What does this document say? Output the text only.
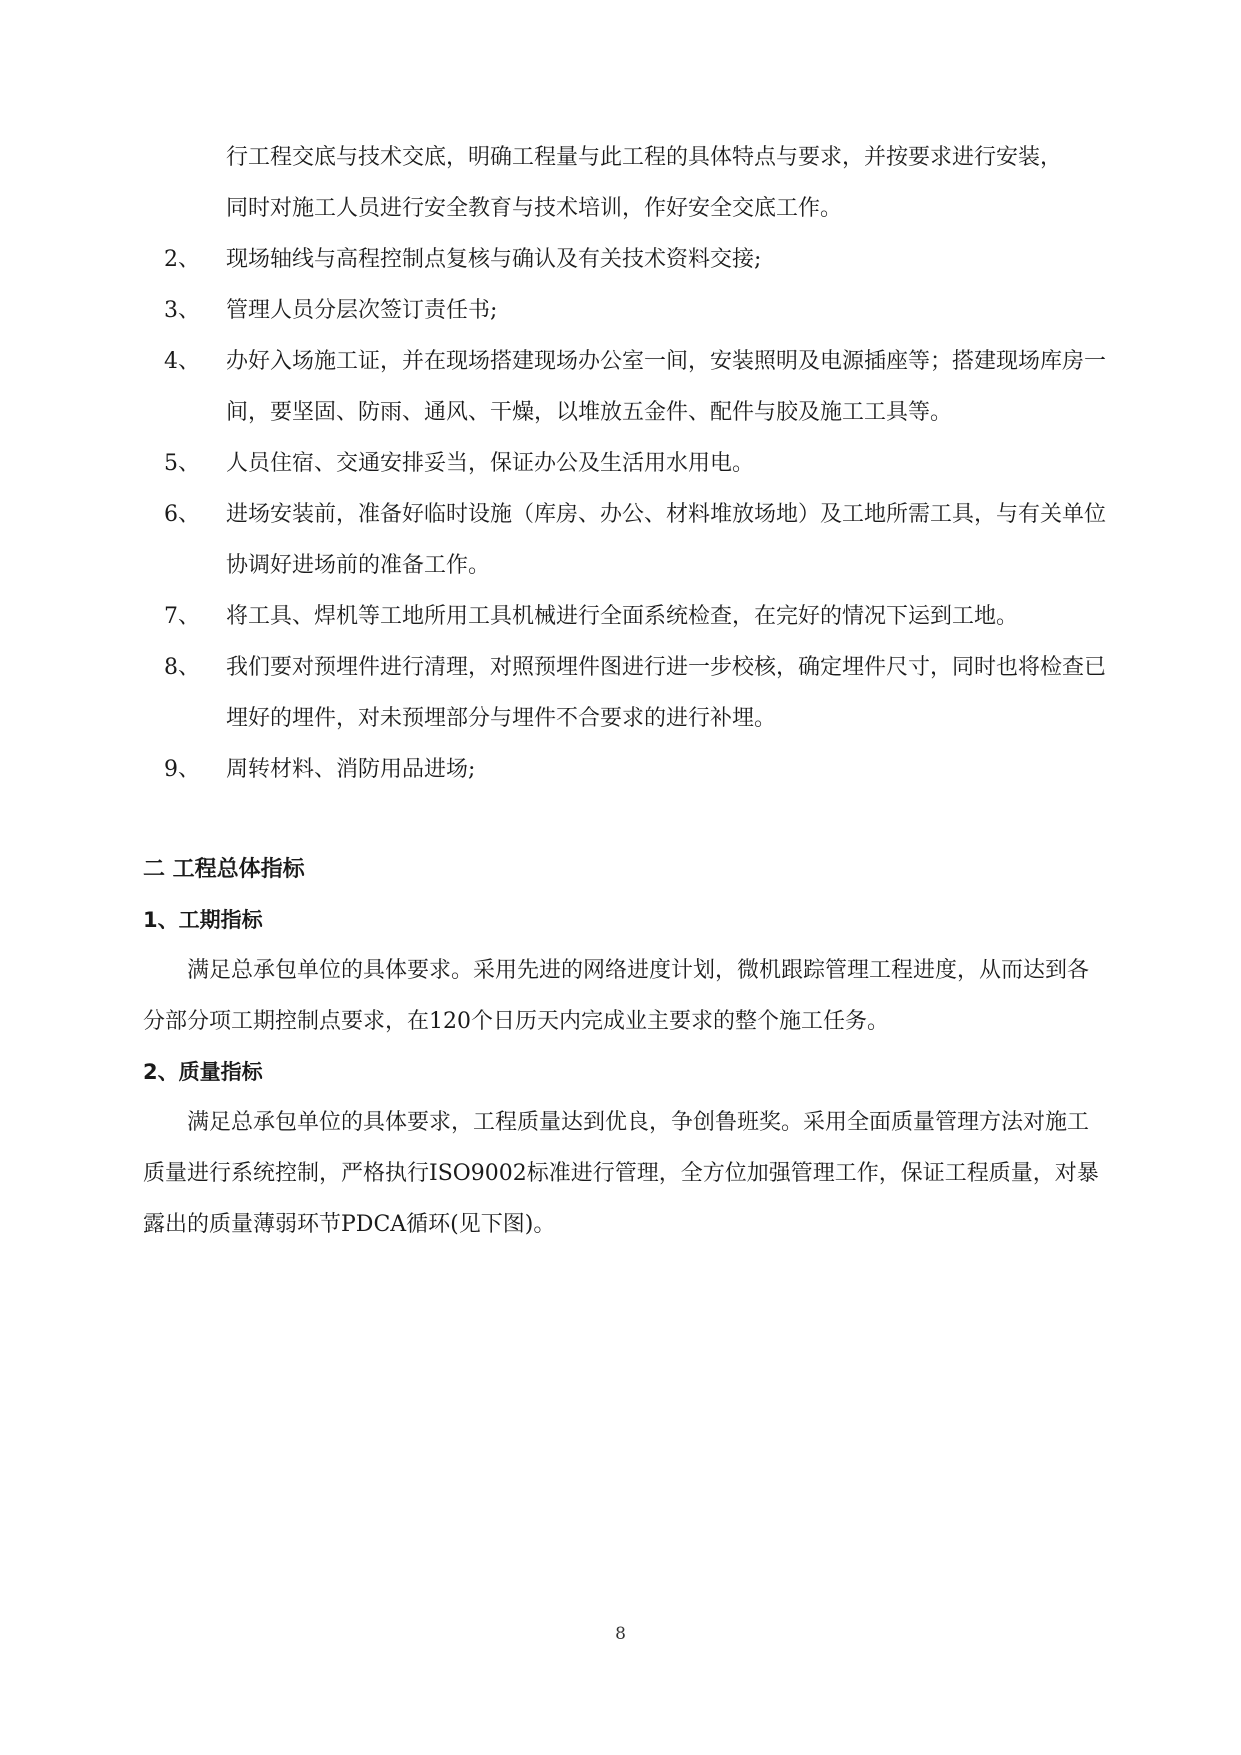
行工程交底与技术交底，明确工程量与此工程的具体特点与要求，并按要求进行安装，
同时对施工人员进行安全教育与技术培训，作好安全交底工作。
2、	现场轴线与高程控制点复核与确认及有关技术资料交接;
3、	管理人员分层次签订责任书;
4、	办好入场施工证，并在现场搭建现场办公室一间，安装照明及电源插座等；搭建现场库房一间，要坚固、防雨、通风、干燥，以堆放五金件、配件与胶及施工工具等。
5、	人员住宿、交通安排妥当，保证办公及生活用水用电。
6、	进场安装前，准备好临时设施（库房、办公、材料堆放场地）及工地所需工具，与有关单位协调好进场前的准备工作。
7、	将工具、焊机等工地所用工具机械进行全面系统检查，在完好的情况下运到工地。
8、	我们要对预埋件进行清理，对照预埋件图进行进一步校核，确定埋件尺寸，同时也将检查已埋好的埋件，对未预埋部分与埋件不合要求的进行补埋。
9、	周转材料、消防用品进场;
二 工程总体指标
1、工期指标

满足总承包单位的具体要求。采用先进的网络进度计划，微机跟踪管理工程进度，从而达到各分部分项工期控制点要求，在120个日历天内完成业主要求的整个施工任务。

2、质量指标

满足总承包单位的具体要求，工程质量达到优良，争创鲁班奖。采用全面质量管理方法对施工质量进行系统控制，严格执行ISO9002标准进行管理，全方位加强管理工作，保证工程质量，对暴露出的质量薄弱环节PDCA循环(见下图)。

8
